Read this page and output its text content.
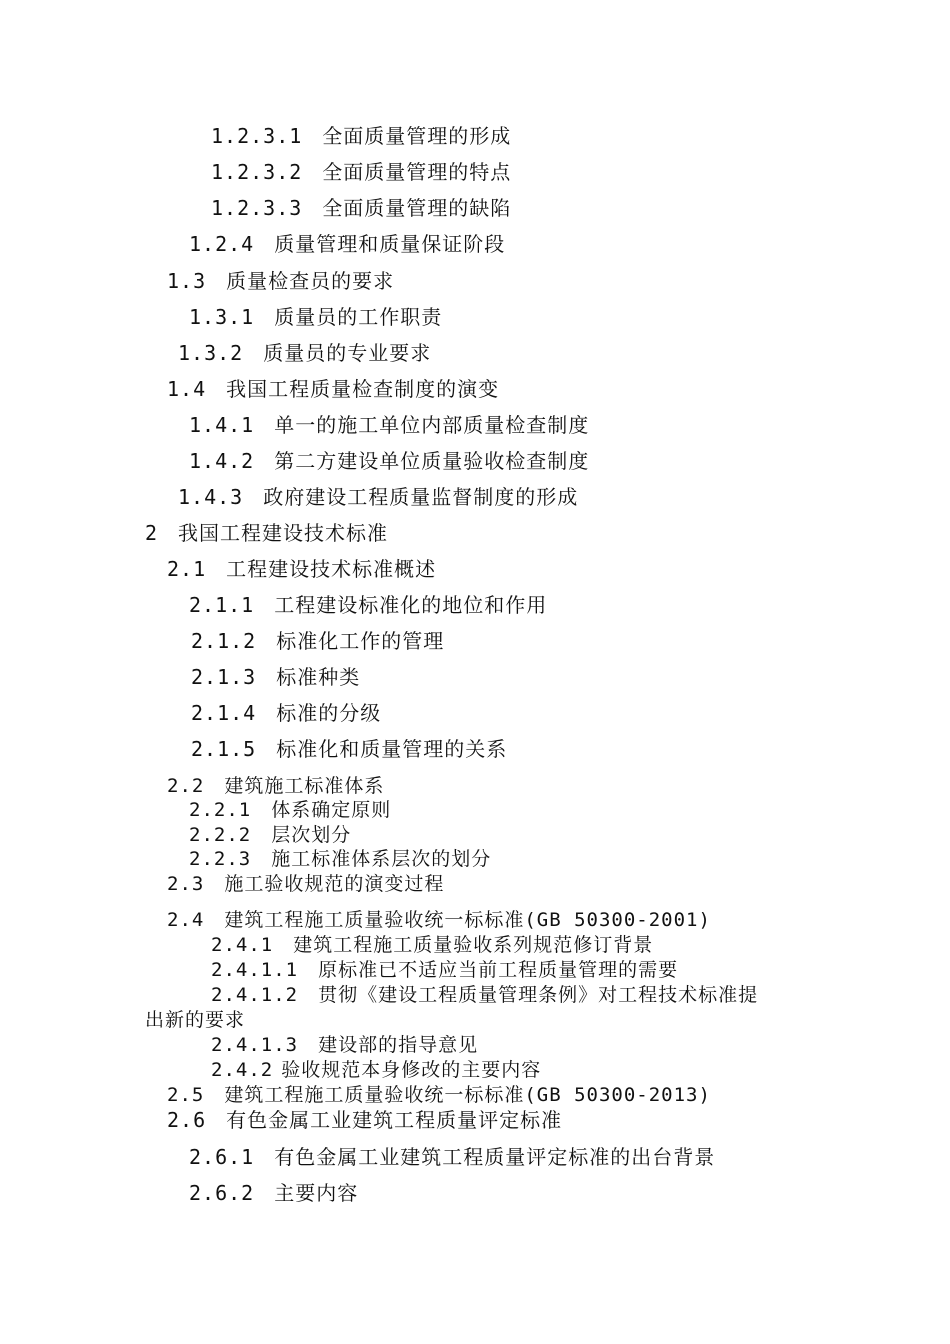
1.2.3.1 全面质量管理的形成
1.2.3.2 全面质量管理的特点
1.2.3.3 全面质量管理的缺陷
1.2.4 质量管理和质量保证阶段
1.3 质量检查员的要求
1.3.1 质量员的工作职责
1.3.2 质量员的专业要求
1.4 我国工程质量检查制度的演变
1.4.1 单一的施工单位内部质量检查制度
1.4.2 第二方建设单位质量验收检查制度
1.4.3 政府建设工程质量监督制度的形成
2 我国工程建设技术标准
2.1 工程建设技术标准概述
2.1.1 工程建设标准化的地位和作用
2.1.2 标准化工作的管理
2.1.3 标准种类
2.1.4 标准的分级
2.1.5 标准化和质量管理的关系
2.2 建筑施工标准体系
2.2.1 体系确定原则
2.2.2 层次划分
2.2.3 施工标准体系层次的划分
2.3 施工验收规范的演变过程
2.4 建筑工程施工质量验收统一标标准(GB 50300-2001)
2.4.1 建筑工程施工质量验收系列规范修订背景
2.4.1.1 原标准已不适应当前工程质量管理的需要
2.4.1.2 贯彻《建设工程质量管理条例》对工程技术标准提
出新的要求
2.4.1.3 建设部的指导意见
2.4.2 验收规范本身修改的主要内容
2.5 建筑工程施工质量验收统一标标准(GB 50300-2013)
2.6 有色金属工业建筑工程质量评定标准
2.6.1 有色金属工业建筑工程质量评定标准的出台背景
2.6.2 主要内容
